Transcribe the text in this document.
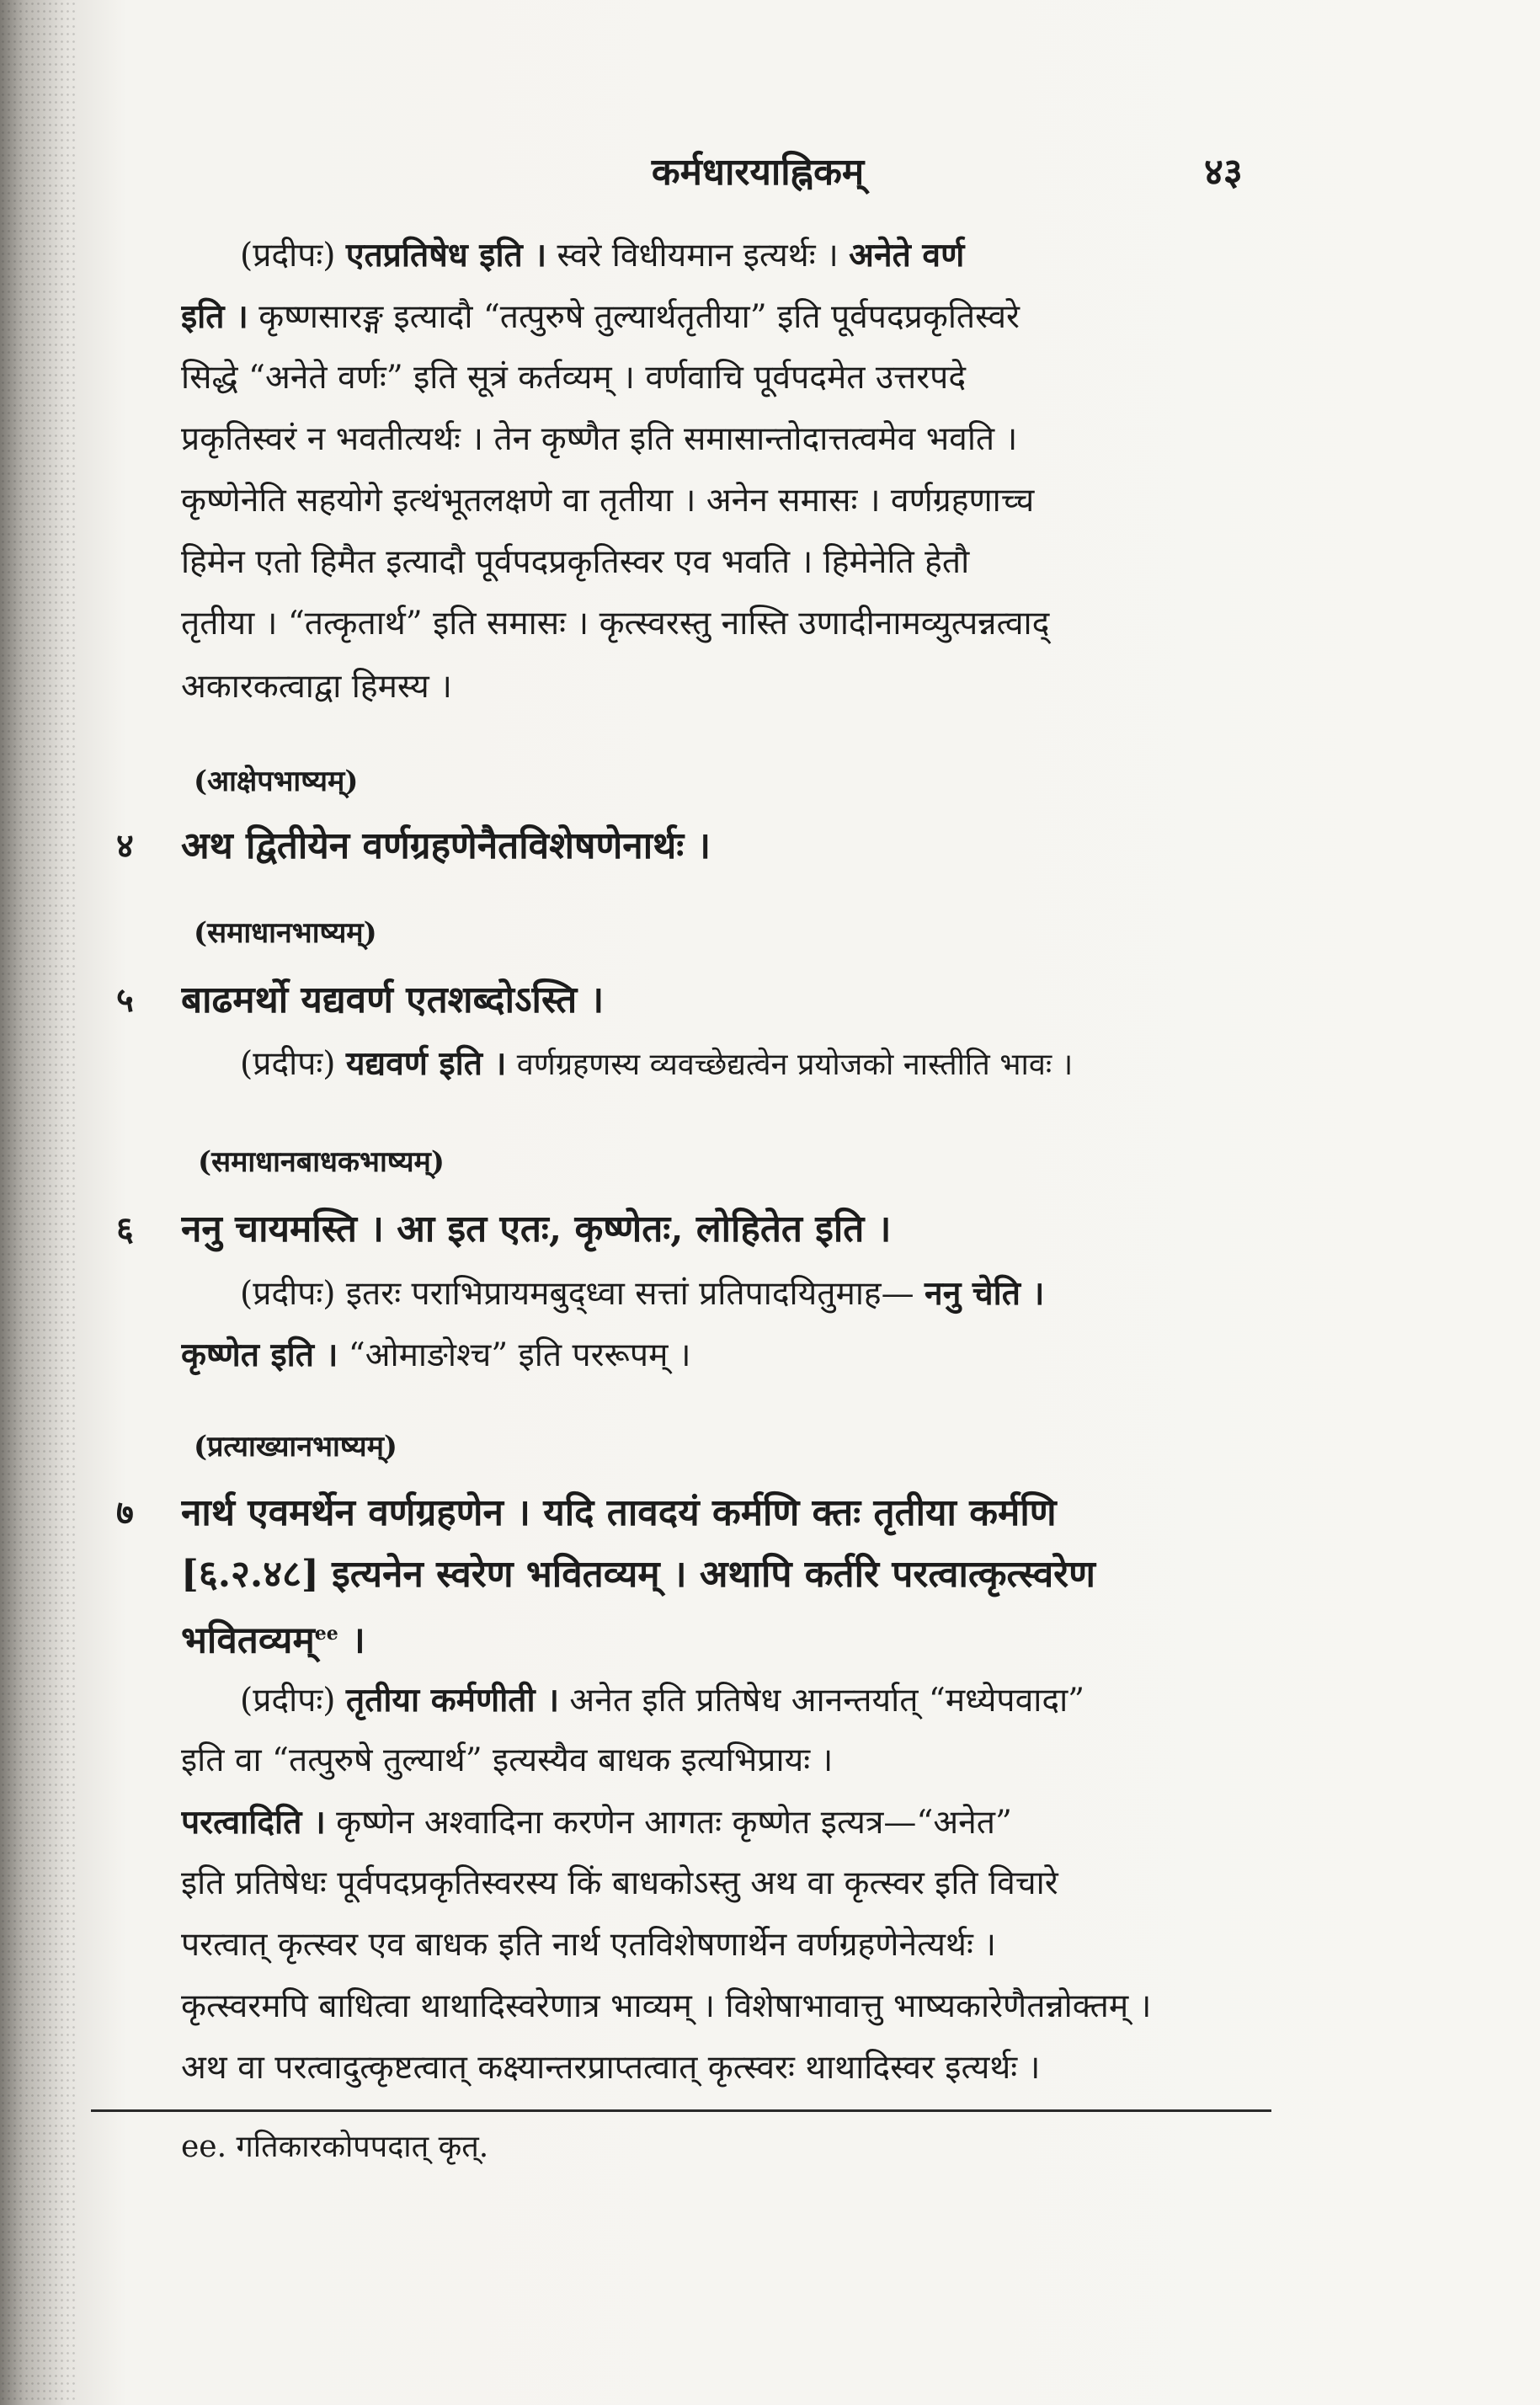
कर्मधारयाह्निकम्	४३
(प्रदीपः) एतप्रतिषेध इति । स्वरे विधीयमान इत्यर्थः । अनेते वर्ण
इति । कृष्णसारङ्ग इत्यादौ “तत्पुरुषे तुल्यार्थतृतीया” इति पूर्वपदप्रकृतिस्वरे
सिद्धे “अनेते वर्णः” इति सूत्रं कर्तव्यम् । वर्णवाचि पूर्वपदमेत उत्तरपदे
प्रकृतिस्वरं न भवतीत्यर्थः । तेन कृष्णैत इति समासान्तोदात्तत्वमेव भवति ।
कृष्णेनेति सहयोगे इत्थंभूतलक्षणे वा तृतीया । अनेन समासः । वर्णग्रहणाच्च
हिमेन एतो हिमैत इत्यादौ पूर्वपदप्रकृतिस्वर एव भवति । हिमेनेति हेतौ
तृतीया । “तत्कृतार्थ” इति समासः । कृत्स्वरस्तु नास्ति उणादीनामव्युत्पन्नत्वाद्
अकारकत्वाद्वा हिमस्य ।
(आक्षेपभाष्यम्)
४	अथ द्वितीयेन वर्णग्रहणेनैतविशेषणेनार्थः ।
(समाधानभाष्यम्)
५	बाढमर्थो यद्यवर्ण एतशब्दोऽस्ति ।
(प्रदीपः) यद्यवर्ण इति । वर्णग्रहणस्य व्यवच्छेद्यत्वेन प्रयोजको नास्तीति भावः ।
(समाधानबाधकभाष्यम्)
६	ननु चायमस्ति । आ इत एतः, कृष्णेतः, लोहितेत इति ।
(प्रदीपः) इतरः पराभिप्रायमबुद्ध्वा सत्तां प्रतिपादयितुमाह— ननु चेति ।
कृष्णेत इति । “ओमाङोश्च” इति पररूपम् ।
(प्रत्याख्यानभाष्यम्)
७	नार्थ एवमर्थेन वर्णग्रहणेन । यदि तावदयं कर्मणि क्तः तृतीया कर्मणि
[६.२.४८] इत्यनेन स्वरेण भवितव्यम् । अथापि कर्तरि परत्वात्कृत्स्वरेण
भवितव्यम्$^{ee}$ ।
(प्रदीपः) तृतीया कर्मणीती । अनेत इति प्रतिषेध आनन्तर्यात् “मध्येपवादा”
इति वा “तत्पुरुषे तुल्यार्थ” इत्यस्यैव बाधक इत्यभिप्रायः ।
परत्वादिति । कृष्णेन अश्वादिना करणेन आगतः कृष्णेत इत्यत्र—“अनेत”
इति प्रतिषेधः पूर्वपदप्रकृतिस्वरस्य किं बाधकोऽस्तु अथ वा कृत्स्वर इति विचारे
परत्वात् कृत्स्वर एव बाधक इति नार्थ एतविशेषणार्थेन वर्णग्रहणेनेत्यर्थः ।
कृत्स्वरमपि बाधित्वा थाथादिस्वरेणात्र भाव्यम् । विशेषाभावात्तु भाष्यकारेणैतन्नोक्तम् ।
अथ वा परत्वादुत्कृष्टत्वात् कक्ष्यान्तरप्राप्तत्वात् कृत्स्वरः थाथादिस्वर इत्यर्थः ।
ee. गतिकारकोपपदात् कृत्.
